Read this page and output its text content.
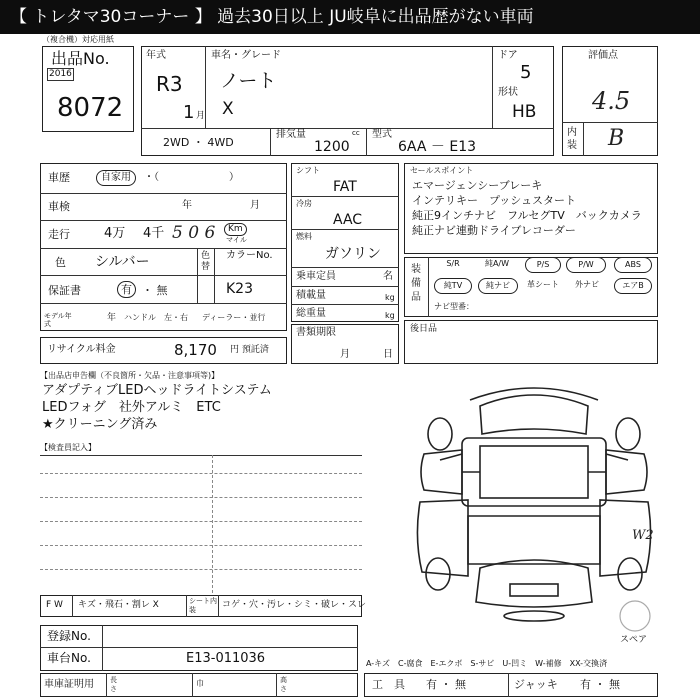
【 トレタマ30コーナー 】 過去30日以上 JU岐阜に出品歴がない車両
（複合機）対応用紙
出品No.
2016
8072
年式
R3
1 月
車名・グレード
ノート
X
ドア
5
形状
HB
2WD ・ 4WD
排気量	cc
1200
型式
6AA － E13
評価点
4.5
内装 B
車歴	自家用	・（　　　　　　　）
車検	年	月
走行	4万 4千 5 0 6	Km
マイル
色 シルバー	色替
カラーNo.
K23
保証書	有 ・ 無
モデル年式
年 ハンドル　左・右 ディーラー・並行
リサイクル料金	8,170 円 預託済
シフト
FAT
冷房
AAC
燃料
ガソリン
乗車定員	名
積載量	kg
総重量	kg
書類期限
月	日
セールスポイント
エマージェンシーブレーキ
インテリキー　プッシュスタート
純正9インチナビ　フルセグTV　バックカメラ
純正ナビ連動ドライブレコーダー
装備品
S/R	純A/W	P/S	P/W	ABS
純TV	純ナビ	革シート	外ナビ	エアB
ナビ型番：
後日品
【出品店申告欄（不良箇所・欠品・注意事項等)】
アダプティブLEDヘッドライトシステム
LEDフォグ　社外アルミ　ETC
★クリーニング済み
【検査員記入】
W2
スペア
F W キズ・飛石・割レ X	シート内装	コゲ・穴・汚レ・シミ・破レ・スレ
登録No.
車台No.	E13-011036	A-キズ　C-腐食　E-エクボ　S-サビ　U-凹ミ　W-補修　XX-交換済
車庫証明用 長さ
巾	高さ	工　具 有 ・ 無	ジャッキ 有 ・ 無
